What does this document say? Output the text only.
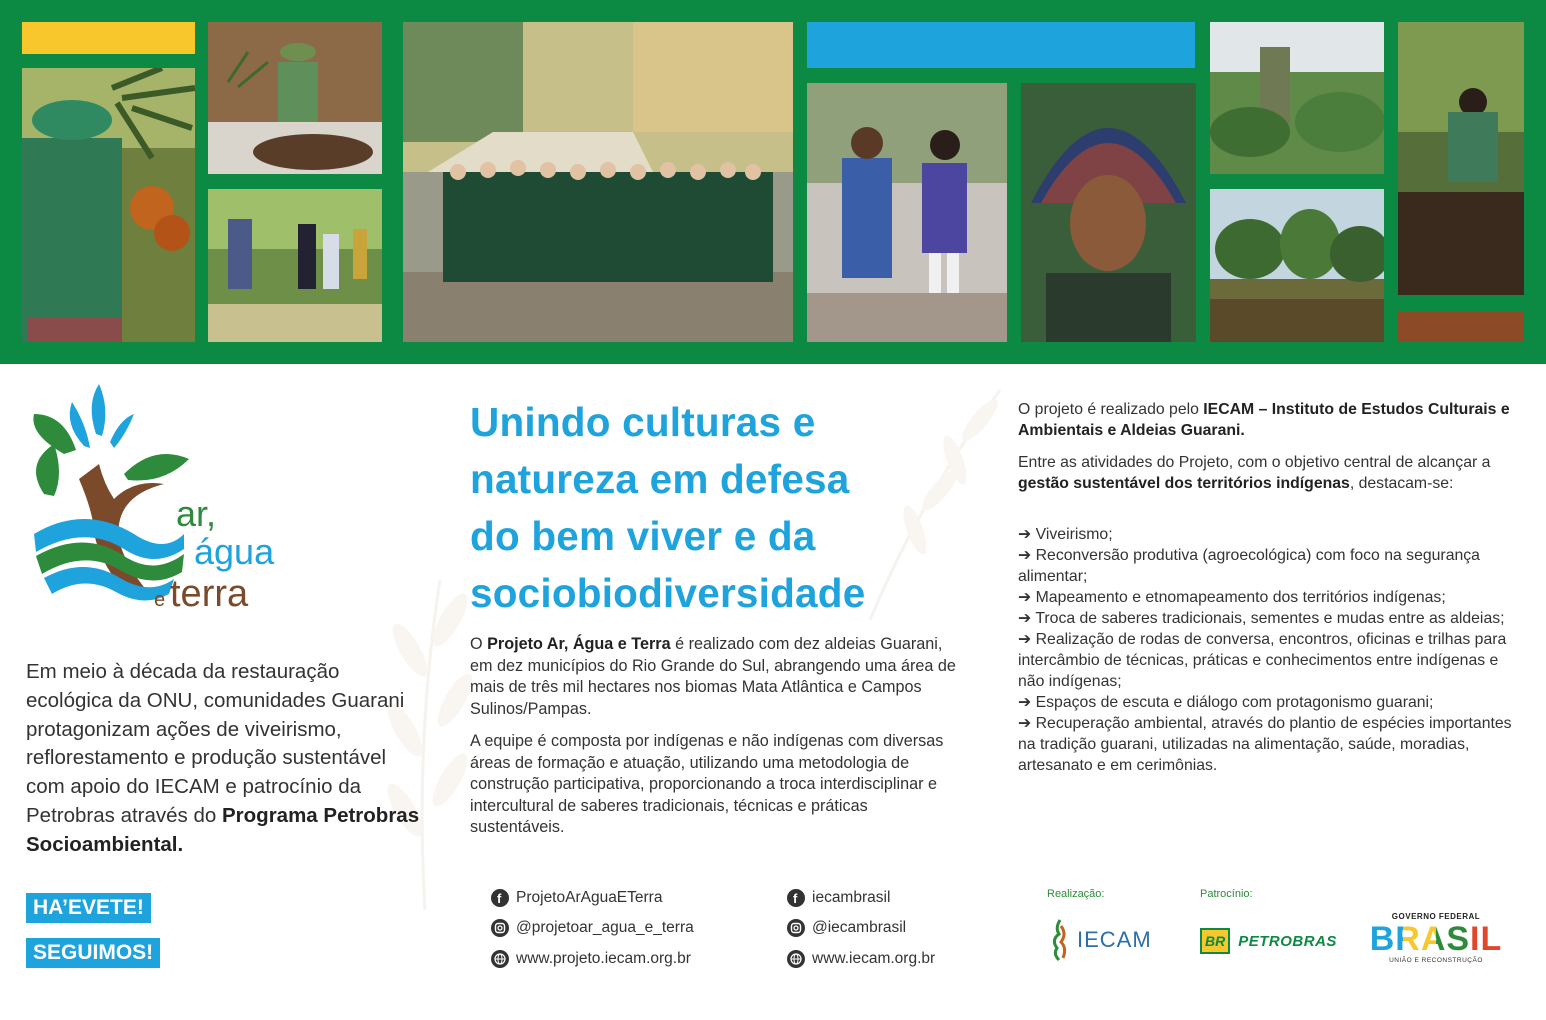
ar,
água
e terra
Em meio à década da restauração ecológica da ONU, comunidades Guarani protagonizam ações de viveirismo, reflorestamento e produção sustentável com apoio do IECAM e patrocínio da Petrobras através do Programa Petrobras Socioambiental.
HA’EVETE!
SEGUIMOS!
Unindo culturas e
natureza em defesa
do bem viver e da
sociobiodiversidade
O Projeto Ar, Água e Terra é realizado com dez aldeias Guarani, em dez municípios do Rio Grande do Sul, abrangendo uma área de mais de três mil hectares nos biomas Mata Atlântica e Campos Sulinos/Pampas.
A equipe é composta por indígenas e não indígenas com diversas áreas de formação e atuação, utilizando uma metodologia de construção participativa, proporcionando a troca interdisciplinar e intercultural de saberes tradicionais, técnicas e práticas sustentáveis.
O projeto é realizado pelo IECAM – Instituto de Estudos Culturais e Ambientais e Aldeias Guarani.
Entre as atividades do Projeto, com o objetivo central de alcançar a gestão sustentável dos territórios indígenas, destacam-se:
➔ Viveirismo;
➔ Reconversão produtiva (agroecológica) com foco na segurança alimentar;
➔ Mapeamento e etnomapeamento dos territórios indígenas;
➔ Troca de saberes tradicionais, sementes e mudas entre as aldeias;
➔ Realização de rodas de conversa, encontros, oficinas e trilhas para intercâmbio de técnicas, práticas e conhecimentos entre indígenas e não indígenas;
➔ Espaços de escuta e diálogo com protagonismo guarani;
➔ Recuperação ambiental, através do plantio de espécies importantes na tradição guarani, utilizadas na alimentação, saúde, moradias, artesanato e em cerimônias.
f ProjetoArAguaETerra
@projetoar_agua_e_terra
www.projeto.iecam.org.br
f iecambrasil
@iecambrasil
www.iecam.org.br
Realização:	Patrocínio:
IECAM	BR PETROBRAS
GOVERNO FEDERAL
BRASIL
UNIÃO E RECONSTRUÇÃO
